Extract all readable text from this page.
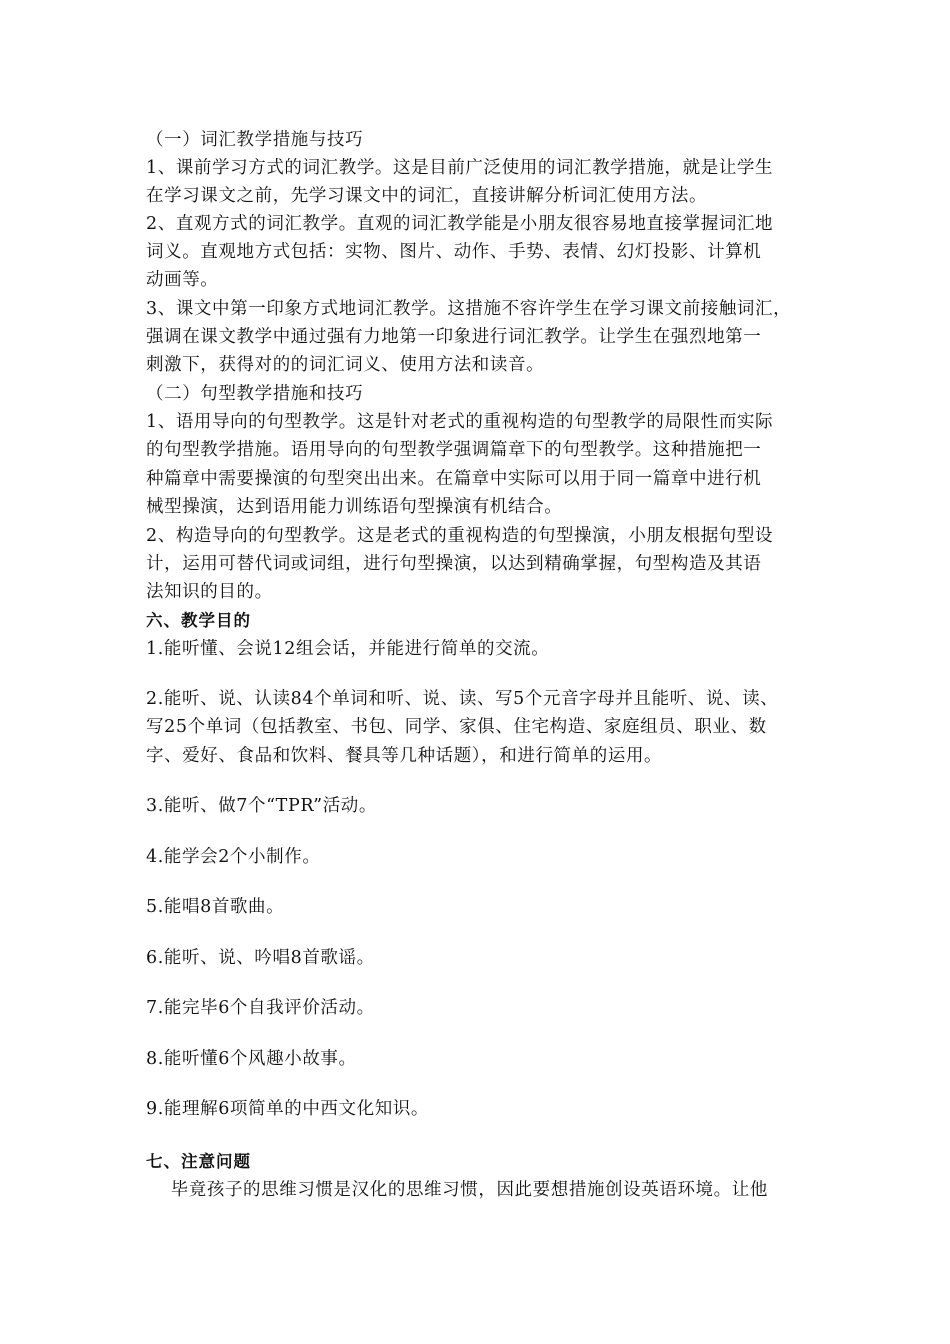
（一）词汇教学措施与技巧
1、课前学习方式的词汇教学。这是目前广泛使用的词汇教学措施，就是让学生
在学习课文之前，先学习课文中的词汇，直接讲解分析词汇使用方法。
2、直观方式的词汇教学。直观的词汇教学能是小朋友很容易地直接掌握词汇地
词义。直观地方式包括：实物、图片、动作、手势、表情、幻灯投影、计算机
动画等。
3、课文中第一印象方式地词汇教学。这措施不容许学生在学习课文前接触词汇，
强调在课文教学中通过强有力地第一印象进行词汇教学。让学生在强烈地第一
刺激下，获得对的的词汇词义、使用方法和读音。
（二）句型教学措施和技巧
1、语用导向的句型教学。这是针对老式的重视构造的句型教学的局限性而实际
的句型教学措施。语用导向的句型教学强调篇章下的句型教学。这种措施把一
种篇章中需要操演的句型突出出来。在篇章中实际可以用于同一篇章中进行机
械型操演，达到语用能力训练语句型操演有机结合。
2、构造导向的句型教学。这是老式的重视构造的句型操演，小朋友根据句型设
计，运用可替代词或词组，进行句型操演，以达到精确掌握，句型构造及其语
法知识的目的。
六、教学目的
1.能听懂、会说12组会话，并能进行简单的交流。
2.能听、说、认读84个单词和听、说、读、写5个元音字母并且能听、说、读、
写25个单词（包括教室、书包、同学、家俱、住宅构造、家庭组员、职业、数
字、爱好、食品和饮料、餐具等几种话题），和进行简单的运用。
3.能听、做7个“TPR”活动。
4.能学会2个小制作。
5.能唱8首歌曲。
6.能听、说、吟唱8首歌谣。
7.能完毕6个自我评价活动。
8.能听懂6个风趣小故事。
9.能理解6项简单的中西文化知识。
七、注意问题
毕竟孩子的思维习惯是汉化的思维习惯，因此要想措施创设英语环境。让他
